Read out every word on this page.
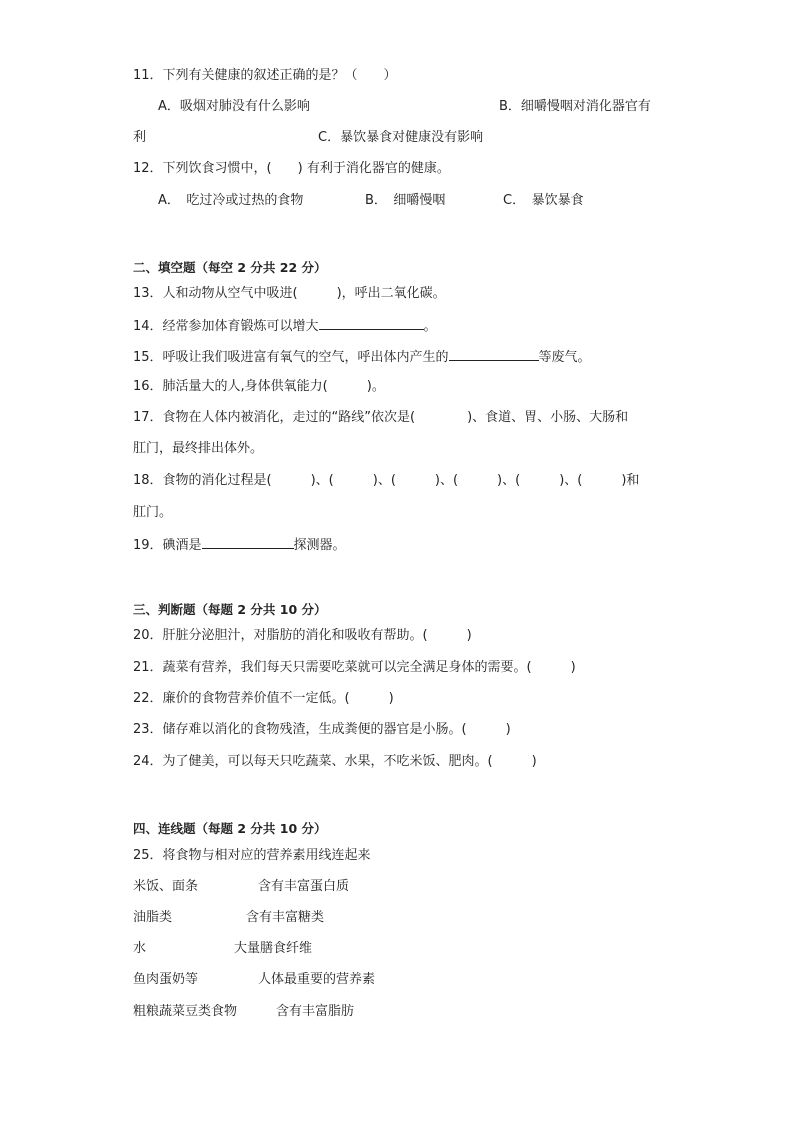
11．下列有关健康的叙述正确的是？（　　）
A．吸烟对肺没有什么影响	B．细嚼慢咽对消化器官有
利	C．暴饮暴食对健康没有影响
12．下列饮食习惯中，(　　) 有利于消化器官的健康。
A．　吃过冷或过热的食物	B．　细嚼慢咽	C．　暴饮暴食
二、填空题（每空 2 分共 22 分）
13．人和动物从空气中吸进(　　　)，呼出二氧化碳。
14．经常参加体育锻炼可以增大	。
15．呼吸让我们吸进富有氧气的空气，呼出体内产生的	等废气。
16．肺活量大的人,身体供氧能力(　　　)。
17．食物在人体内被消化，走过的“路线”依次是(　　　　)、食道、胃、小肠、大肠和
肛门，最终排出体外。
18．食物的消化过程是(　　　)、(　　　)、(　　　)、(　　　)、(　　　)、(　　　)和
肛门。
19．碘酒是	探测器。
三、判断题（每题 2 分共 10 分）
20．肝脏分泌胆汁，对脂肪的消化和吸收有帮助。(　　　)
21．蔬菜有营养，我们每天只需要吃菜就可以完全满足身体的需要。(　　　)
22．廉价的食物营养价值不一定低。(　　　)
23．储存难以消化的食物残渣，生成粪便的器官是小肠。(　　　)
24．为了健美，可以每天只吃蔬菜、水果，不吃米饭、肥肉。(　　　)
四、连线题（每题 2 分共 10 分）
25．将食物与相对应的营养素用线连起来
米饭、面条	含有丰富蛋白质
油脂类	含有丰富糖类
水	大量膳食纤维
鱼肉蛋奶等	人体最重要的营养素
粗粮蔬菜豆类食物	含有丰富脂肪
